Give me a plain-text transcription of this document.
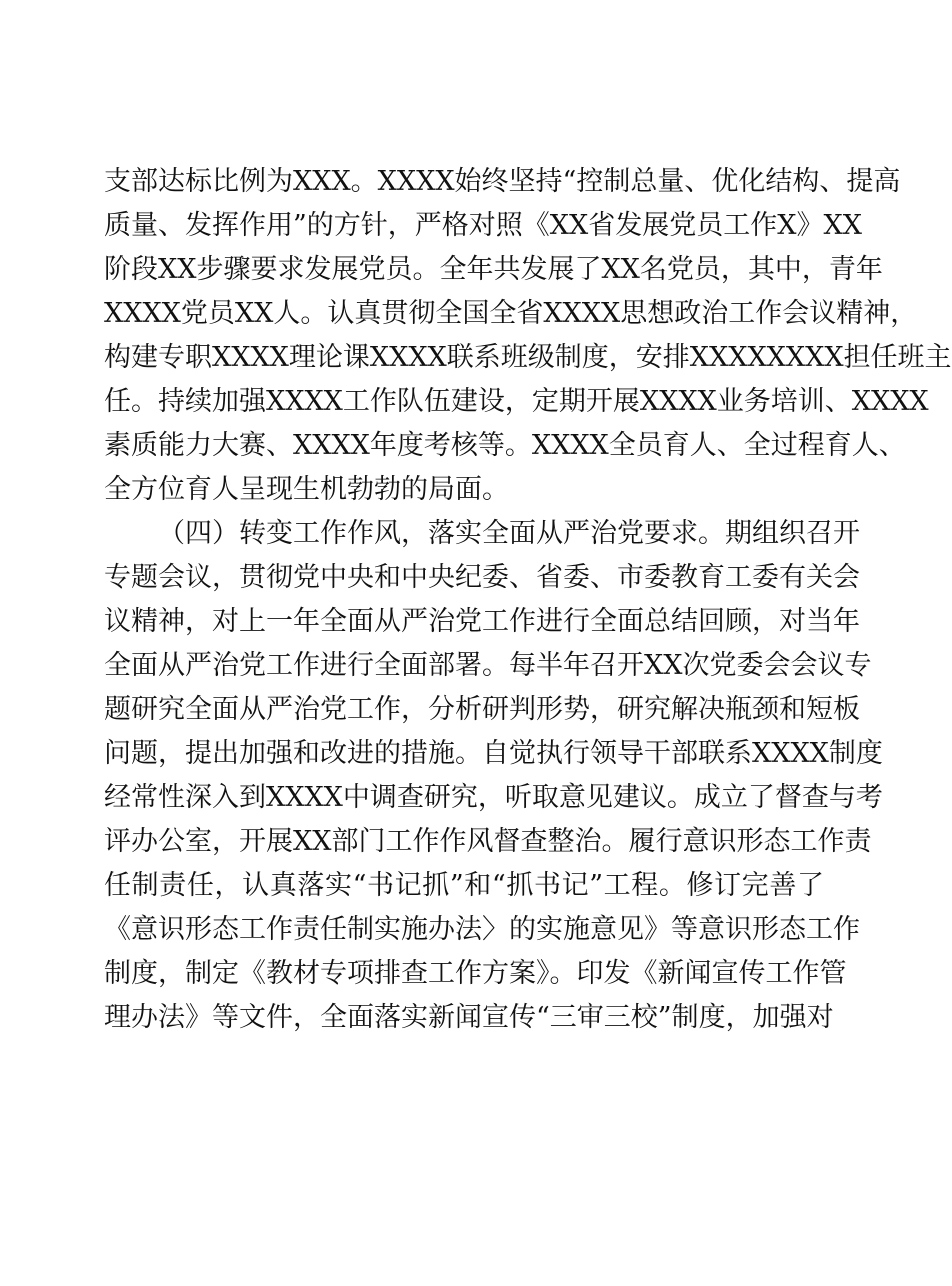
支部达标比例为XXX。XXXX始终坚持“控制总量、优化结构、提高
质量、发挥作用”的方针，严格对照《XX省发展党员工作X》XX
阶段XX步骤要求发展党员。全年共发展了XX名党员，其中，青年
XXXX党员XX人。认真贯彻全国全省XXXX思想政治工作会议精神，
构建专职XXXX理论课XXXX联系班级制度，安排XXXXXXXX担任班主
任。持续加强XXXX工作队伍建设，定期开展XXXX业务培训、XXXX
素质能力大赛、XXXX年度考核等。XXXX全员育人、全过程育人、
全方位育人呈现生机勃勃的局面。
（四）转变工作作风，落实全面从严治党要求。期组织召开
专题会议，贯彻党中央和中央纪委、省委、市委教育工委有关会
议精神，对上一年全面从严治党工作进行全面总结回顾，对当年
全面从严治党工作进行全面部署。每半年召开XX次党委会会议专
题研究全面从严治党工作，分析研判形势，研究解决瓶颈和短板
问题，提出加强和改进的措施。自觉执行领导干部联系XXXX制度
经常性深入到XXXX中调查研究，听取意见建议。成立了督查与考
评办公室，开展XX部门工作作风督查整治。履行意识形态工作责
任制责任，认真落实“书记抓”和“抓书记”工程。修订完善了
《意识形态工作责任制实施办法〉的实施意见》等意识形态工作
制度，制定《教材专项排查工作方案》。印发《新闻宣传工作管
理办法》等文件，全面落实新闻宣传“三审三校”制度，加强对
